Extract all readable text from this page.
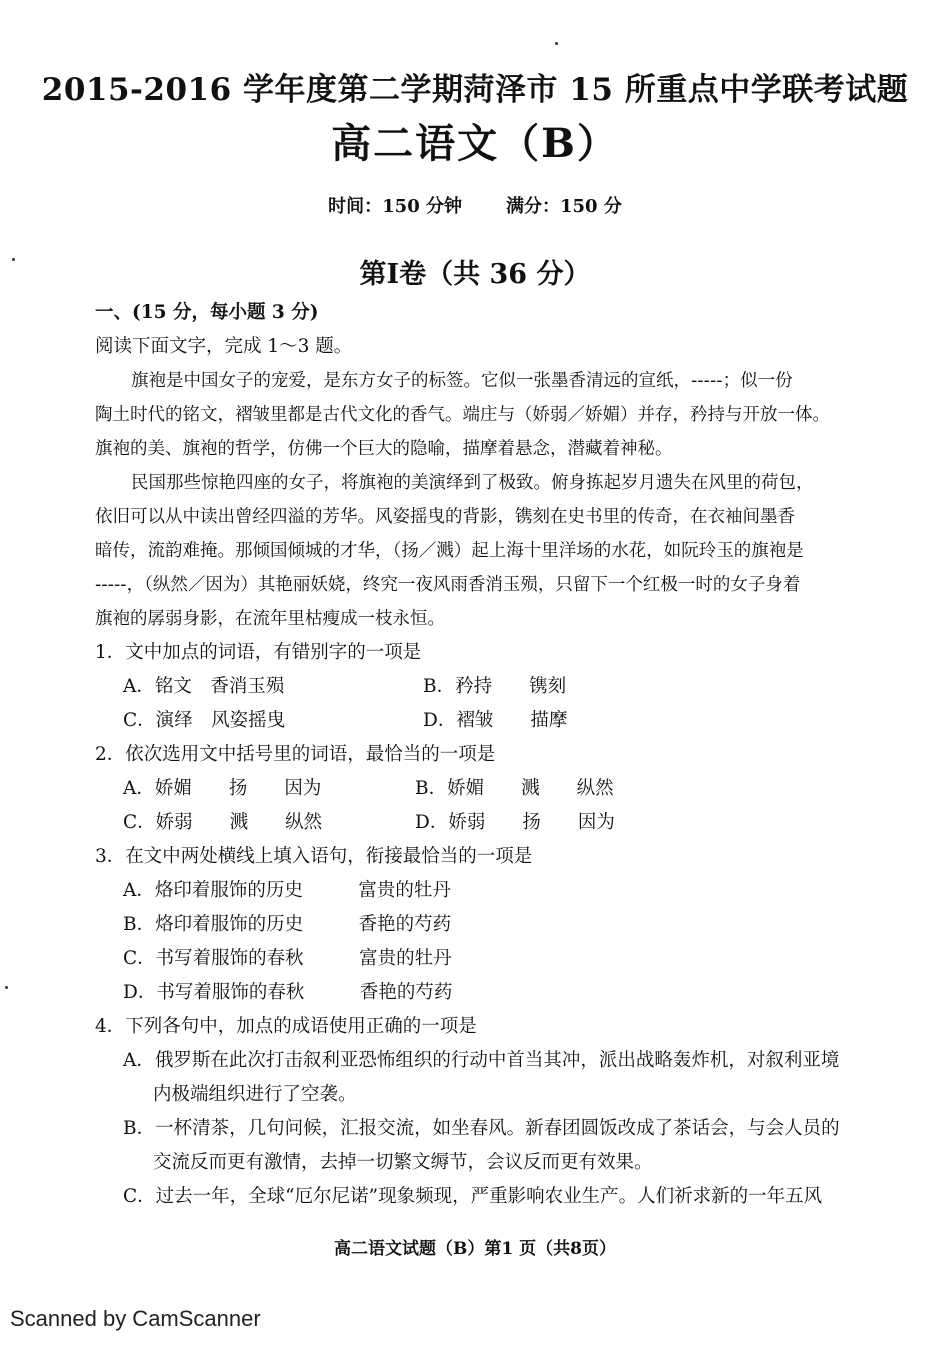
2015-2016 学年度第二学期菏泽市 15 所重点中学联考试题
高二语文（B）
时间：150 分钟 满分：150 分
第Ⅰ卷（共 36 分）
一、(15 分，每小题 3 分)
阅读下面文字，完成 1～3 题。
旗袍是中国女子的宠爱，是东方女子的标签。它似一张墨香清远的宣纸，-----；似一份
陶土时代的铭文，褶皱里都是古代文化的香气。端庄与（娇弱／娇媚）并存，矜持与开放一体。
旗袍的美、旗袍的哲学，仿佛一个巨大的隐喻，描摩着悬念，潜藏着神秘。
民国那些惊艳四座的女子，将旗袍的美演绎到了极致。俯身拣起岁月遗失在风里的荷包，
依旧可以从中读出曾经四溢的芳华。风姿摇曳的背影，镌刻在史书里的传奇，在衣袖间墨香
暗传，流韵难掩。那倾国倾城的才华，（扬／溅）起上海十里洋场的水花，如阮玲玉的旗袍是
-----，（纵然／因为）其艳丽妖娆，终究一夜风雨香消玉殒，只留下一个红极一时的女子身着
旗袍的孱弱身影，在流年里枯瘦成一枝永恒。
1．文中加点的词语，有错别字的一项是
A．铭文　香消玉殒	B．矜持　　镌刻
C．演绎　风姿摇曳	D．褶皱　　描摩
2．依次选用文中括号里的词语，最恰当的一项是
A．娇媚　　扬　　因为	B．娇媚　　溅　　纵然
C．娇弱　　溅　　纵然	D．娇弱　　扬　　因为
3．在文中两处横线上填入语句，衔接最恰当的一项是
A．烙印着服饰的历史　　　富贵的牡丹
B．烙印着服饰的历史　　　香艳的芍药
C．书写着服饰的春秋　　　富贵的牡丹
D．书写着服饰的春秋　　　香艳的芍药
4．下列各句中，加点的成语使用正确的一项是
A．俄罗斯在此次打击叙利亚恐怖组织的行动中首当其冲，派出战略轰炸机，对叙利亚境
内极端组织进行了空袭。
B．一杯清茶，几句问候，汇报交流，如坐春风。新春团圆饭改成了茶话会，与会人员的
交流反而更有激情，去掉一切繁文缛节，会议反而更有效果。
C．过去一年，全球“厄尔尼诺”现象频现，严重影响农业生产。人们祈求新的一年五风
高二语文试题（B）第1 页（共8页）
Scanned by CamScanner
